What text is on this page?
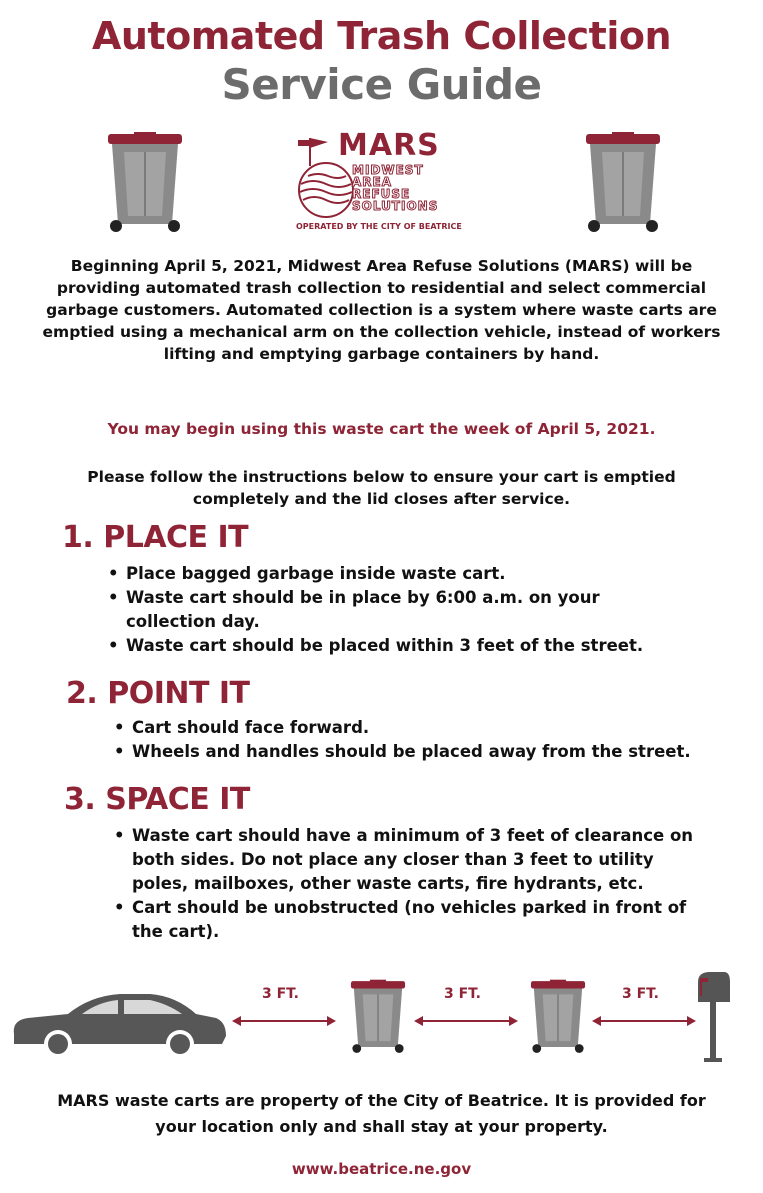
Automated Trash Collection
Service Guide
MARS
MIDWEST
AREA
REFUSE
SOLUTIONS
OPERATED BY THE CITY OF BEATRICE
Beginning April 5, 2021, Midwest Area Refuse Solutions (MARS) will be providing automated trash collection to residential and select commercial garbage customers. Automated collection is a system where waste carts are emptied using a mechanical arm on the collection vehicle, instead of workers lifting and emptying garbage containers by hand.
You may begin using this waste cart the week of April 5, 2021.
Please follow the instructions below to ensure your cart is emptied completely and the lid closes after service.
1. PLACE IT
• Place bagged garbage inside waste cart.
• Waste cart should be in place by 6:00 a.m. on your collection day.
• Waste cart should be placed within 3 feet of the street.
2. POINT IT
• Cart should face forward.
• Wheels and handles should be placed away from the street.
3. SPACE IT
• Waste cart should have a minimum of 3 feet of clearance on both sides. Do not place any closer than 3 feet to utility poles, mailboxes, other waste carts, fire hydrants, etc.
• Cart should be unobstructed (no vehicles parked in front of the cart).
3 FT.	3 FT.	3 FT.
MARS waste carts are property of the City of Beatrice. It is provided for your location only and shall stay at your property.
www.beatrice.ne.gov
